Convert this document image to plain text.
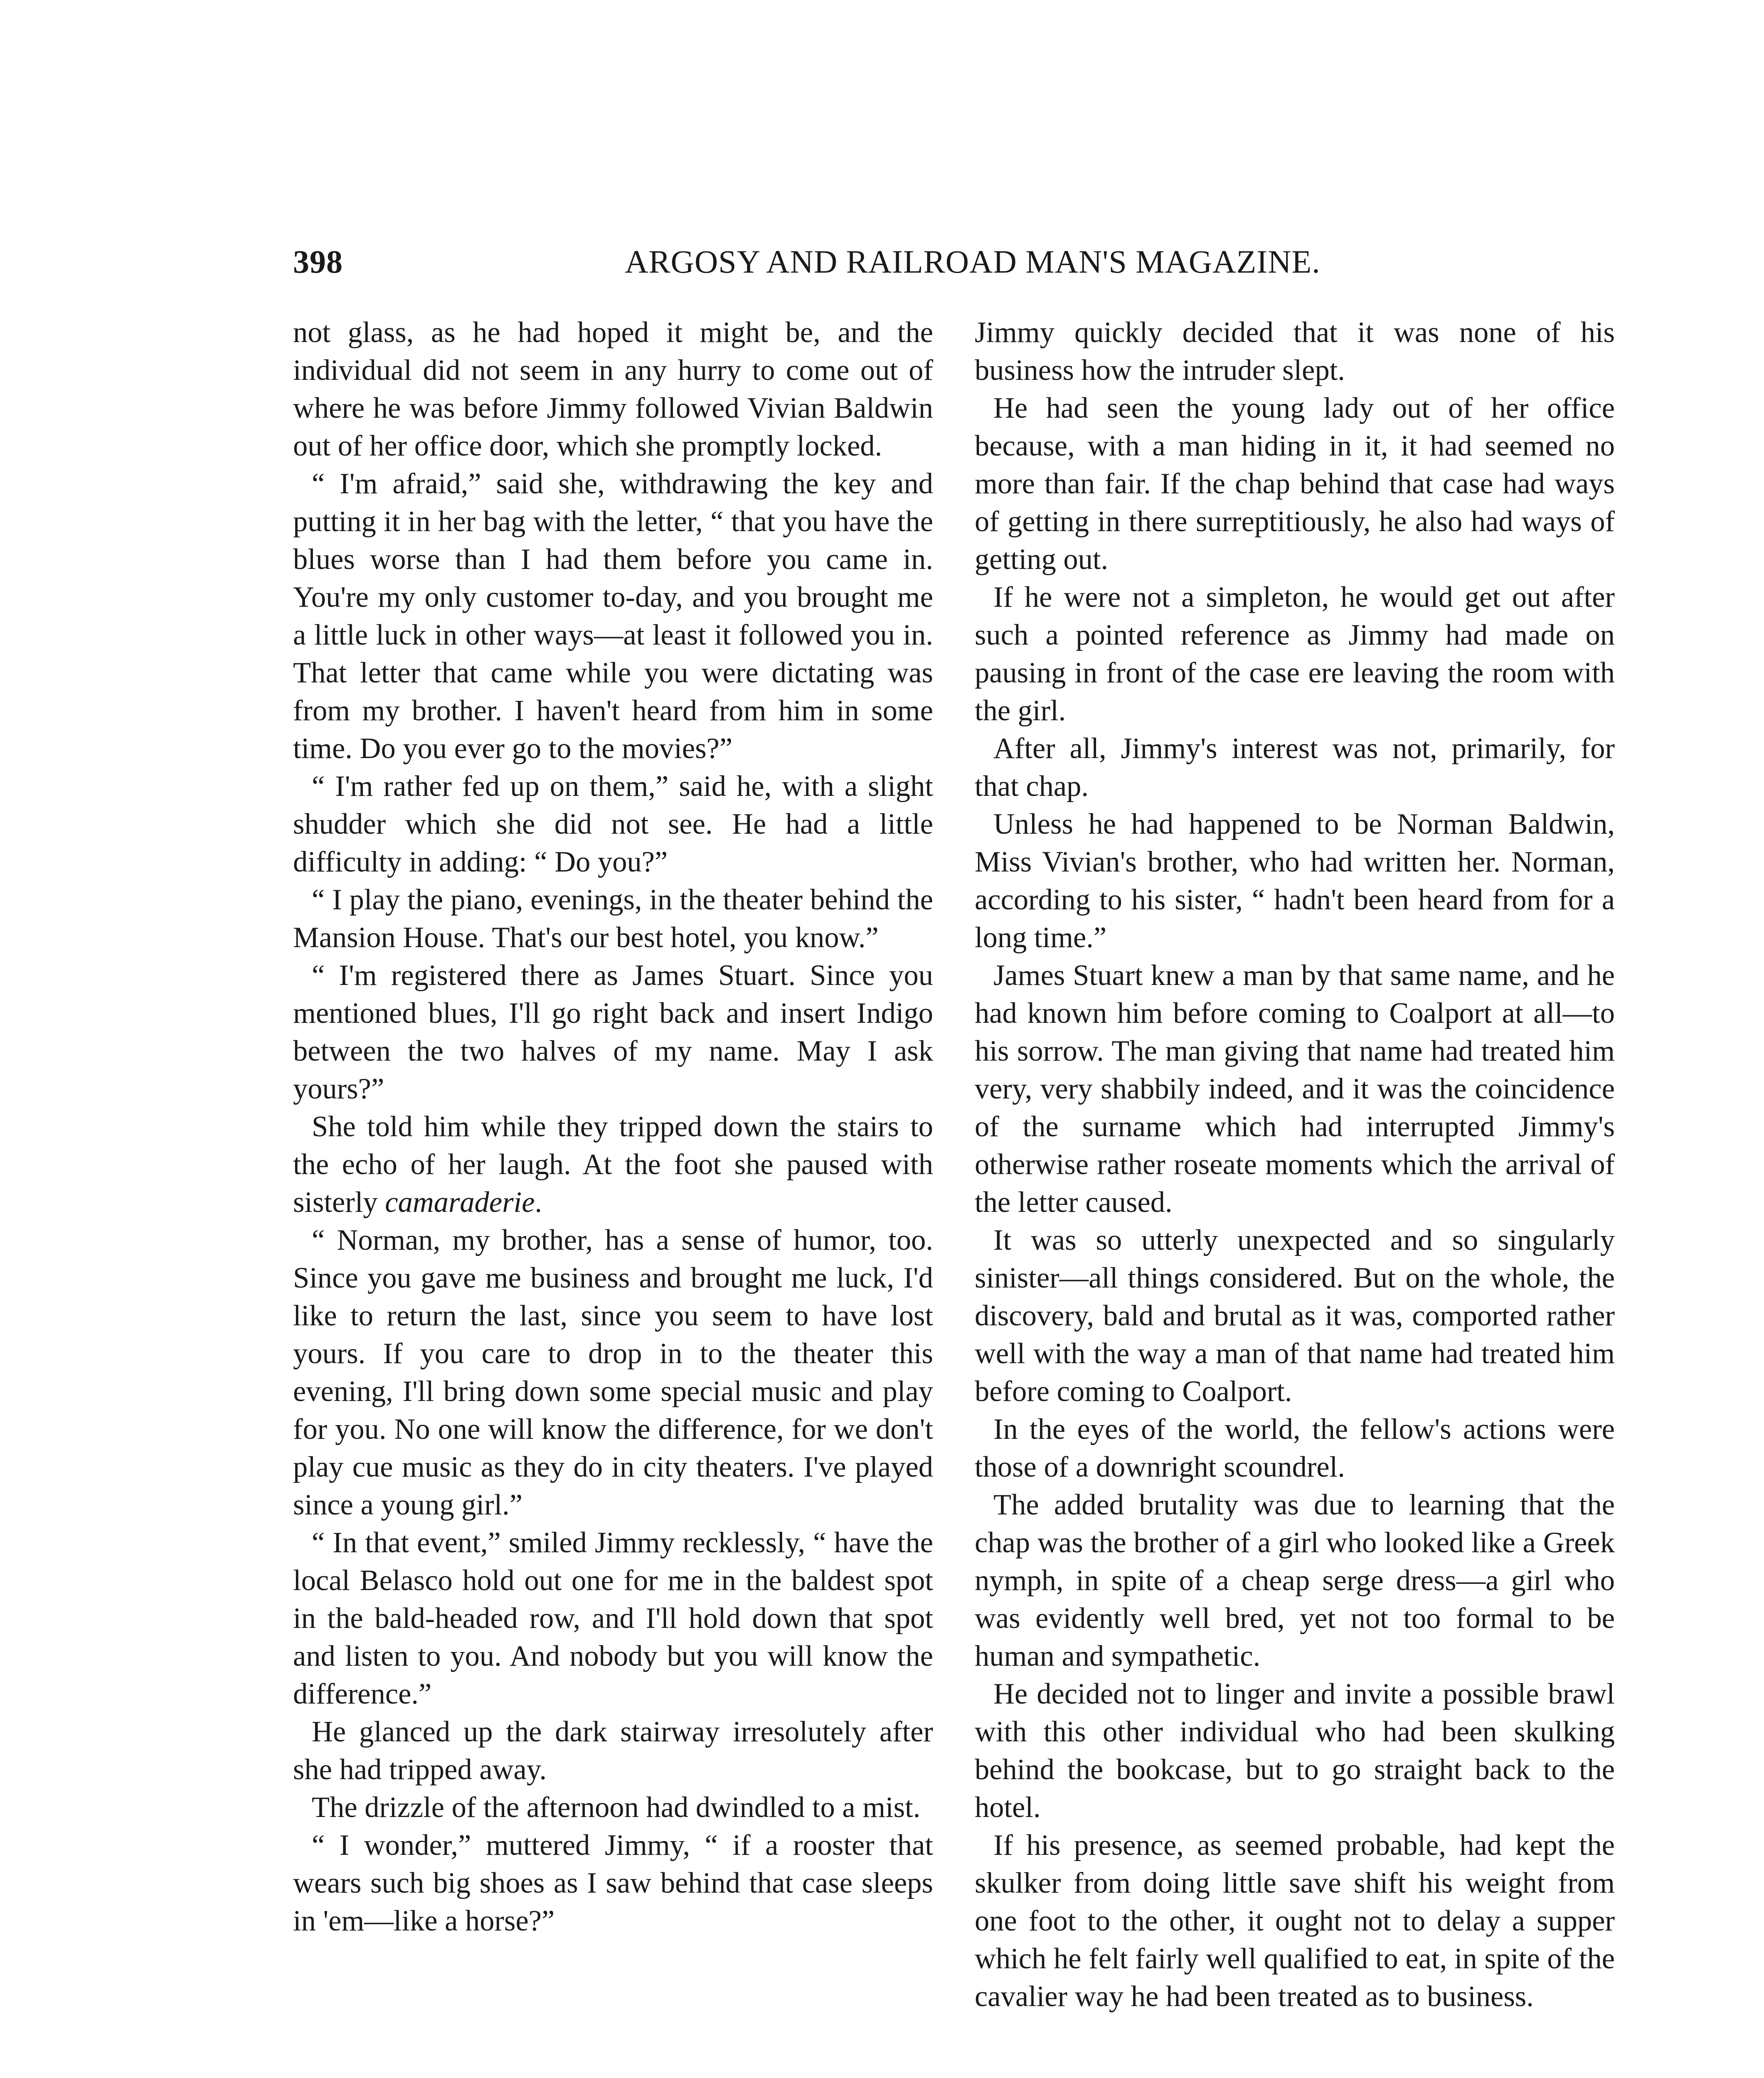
398	ARGOSY AND RAILROAD MAN'S MAGAZINE.

not glass, as he had hoped it might be, and the individual did not seem in any hurry to come out of where he was before Jimmy followed Vivian Baldwin out of her office door, which she promptly locked.

“ I'm afraid,” said she, withdrawing the key and putting it in her bag with the letter, “ that you have the blues worse than I had them before you came in. You're my only customer to-day, and you brought me a little luck in other ways—at least it followed you in. That letter that came while you were dictating was from my brother. I haven't heard from him in some time. Do you ever go to the movies?”

“ I'm rather fed up on them,” said he, with a slight shudder which she did not see. He had a little difficulty in adding: “ Do you?”

“ I play the piano, evenings, in the theater behind the Mansion House. That's our best hotel, you know.”

“ I'm registered there as James Stuart. Since you mentioned blues, I'll go right back and insert Indigo between the two halves of my name. May I ask yours?”

She told him while they tripped down the stairs to the echo of her laugh. At the foot she paused with sisterly camaraderie.

“ Norman, my brother, has a sense of humor, too. Since you gave me business and brought me luck, I'd like to return the last, since you seem to have lost yours. If you care to drop in to the theater this evening, I'll bring down some special music and play for you. No one will know the difference, for we don't play cue music as they do in city theaters. I've played since a young girl.”

“ In that event,” smiled Jimmy recklessly, “ have the local Belasco hold out one for me in the baldest spot in the bald-headed row, and I'll hold down that spot and listen to you. And nobody but you will know the difference.”

He glanced up the dark stairway irresolutely after she had tripped away.

The drizzle of the afternoon had dwindled to a mist.

“ I wonder,” muttered Jimmy, “ if a rooster that wears such big shoes as I saw behind that case sleeps in 'em—like a horse?”

Jimmy quickly decided that it was none of his business how the intruder slept.

He had seen the young lady out of her office because, with a man hiding in it, it had seemed no more than fair. If the chap behind that case had ways of getting in there surreptitiously, he also had ways of getting out.

If he were not a simpleton, he would get out after such a pointed reference as Jimmy had made on pausing in front of the case ere leaving the room with the girl.

After all, Jimmy's interest was not, primarily, for that chap.

Unless he had happened to be Norman Baldwin, Miss Vivian's brother, who had written her. Norman, according to his sister, “ hadn't been heard from for a long time.”

James Stuart knew a man by that same name, and he had known him before coming to Coalport at all—to his sorrow. The man giving that name had treated him very, very shabbily indeed, and it was the coincidence of the surname which had interrupted Jimmy's otherwise rather roseate moments which the arrival of the letter caused.

It was so utterly unexpected and so singularly sinister—all things considered. But on the whole, the discovery, bald and brutal as it was, comported rather well with the way a man of that name had treated him before coming to Coalport.

In the eyes of the world, the fellow's actions were those of a downright scoundrel.

The added brutality was due to learning that the chap was the brother of a girl who looked like a Greek nymph, in spite of a cheap serge dress—a girl who was evidently well bred, yet not too formal to be human and sympathetic.

He decided not to linger and invite a possible brawl with this other individual who had been skulking behind the bookcase, but to go straight back to the hotel.

If his presence, as seemed probable, had kept the skulker from doing little save shift his weight from one foot to the other, it ought not to delay a supper which he felt fairly well qualified to eat, in spite of the cavalier way he had been treated as to business.
